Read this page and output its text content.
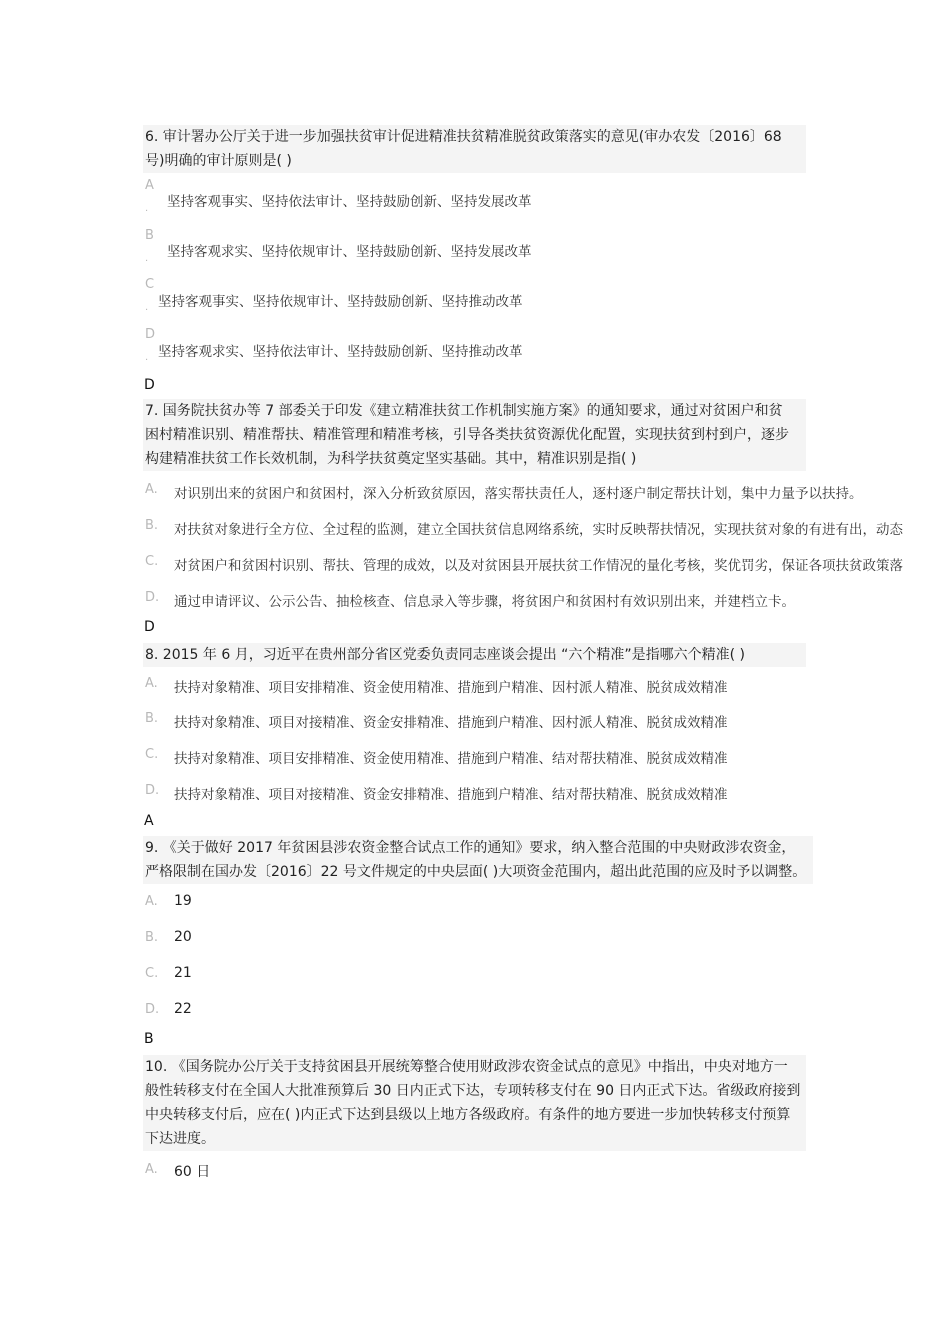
6. 审计署办公厅关于进一步加强扶贫审计促进精准扶贫精准脱贫政策落实的意见(审办农发〔2016〕68
号)明确的审计原则是( )
A
坚持客观事实、坚持依法审计、坚持鼓励创新、坚持发展改革
·
B
坚持客观求实、坚持依规审计、坚持鼓励创新、坚持发展改革
·
C
坚持客观事实、坚持依规审计、坚持鼓励创新、坚持推动改革
·
D
坚持客观求实、坚持依法审计、坚持鼓励创新、坚持推动改革
·
D
7. 国务院扶贫办等 7 部委关于印发《建立精准扶贫工作机制实施方案》的通知要求，通过对贫困户和贫
困村精准识别、精准帮扶、精准管理和精准考核，引导各类扶贫资源优化配置，实现扶贫到村到户，逐步
构建精准扶贫工作长效机制，为科学扶贫奠定坚实基础。其中，精准识别是指( )
A. 对识别出来的贫困户和贫困村，深入分析致贫原因，落实帮扶责任人，逐村逐户制定帮扶计划，集中力量予以扶持。
B. 对扶贫对象进行全方位、全过程的监测，建立全国扶贫信息网络系统，实时反映帮扶情况，实现扶贫对象的有进有出，动态
C. 对贫困户和贫困村识别、帮扶、管理的成效，以及对贫困县开展扶贫工作情况的量化考核，奖优罚劣，保证各项扶贫政策落
D. 通过申请评议、公示公告、抽检核查、信息录入等步骤，将贫困户和贫困村有效识别出来，并建档立卡。
D
8. 2015 年 6 月，习近平在贵州部分省区党委负责同志座谈会提出 “六个精准”是指哪六个精准( )
A. 扶持对象精准、项目安排精准、资金使用精准、措施到户精准、因村派人精准、脱贫成效精准
B. 扶持对象精准、项目对接精准、资金安排精准、措施到户精准、因村派人精准、脱贫成效精准
C. 扶持对象精准、项目安排精准、资金使用精准、措施到户精准、结对帮扶精准、脱贫成效精准
D. 扶持对象精准、项目对接精准、资金安排精准、措施到户精准、结对帮扶精准、脱贫成效精准
A
9. 《关于做好 2017 年贫困县涉农资金整合试点工作的通知》要求，纳入整合范围的中央财政涉农资金，
严格限制在国办发〔2016〕22 号文件规定的中央层面( )大项资金范围内，超出此范围的应及时予以调整。
A. 19
B. 20
C. 21
D. 22
B
10. 《国务院办公厅关于支持贫困县开展统筹整合使用财政涉农资金试点的意见》中指出，中央对地方一
般性转移支付在全国人大批准预算后 30 日内正式下达，专项转移支付在 90 日内正式下达。省级政府接到
中央转移支付后，应在( )内正式下达到县级以上地方各级政府。有条件的地方要进一步加快转移支付预算
下达进度。
A. 60 日
